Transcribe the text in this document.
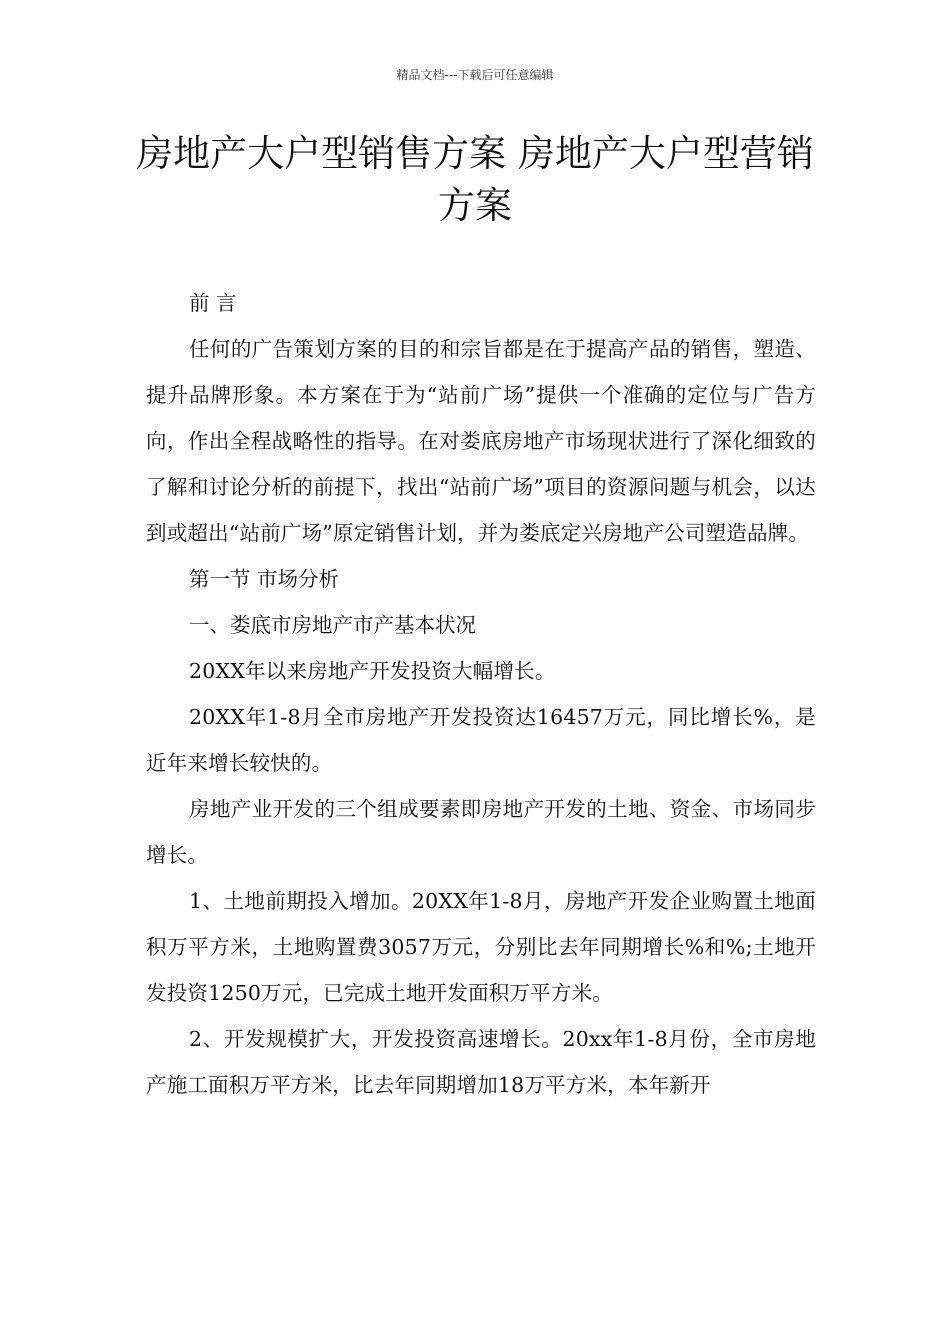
精品文档---下载后可任意编辑
房地产大户型销售方案 房地产大户型营销方案

前 言

任何的广告策划方案的目的和宗旨都是在于提高产品的销售，塑造、提升品牌形象。本方案在于为“站前广场”提供一个准确的定位与广告方向，作出全程战略性的指导。在对娄底房地产市场现状进行了深化细致的了解和讨论分析的前提下，找出“站前广场”项目的资源问题与机会，以达到或超出“站前广场”原定销售计划，并为娄底定兴房地产公司塑造品牌。

第一节 市场分析

一、娄底市房地产市产基本状况

20XX年以来房地产开发投资大幅增长。

20XX年1-8月全市房地产开发投资达16457万元，同比增长%，是近年来增长较快的。

房地产业开发的三个组成要素即房地产开发的土地、资金、市场同步增长。

1、土地前期投入增加。20XX年1-8月，房地产开发企业购置土地面积万平方米，土地购置费3057万元，分别比去年同期增长%和%;土地开发投资1250万元，已完成土地开发面积万平方米。

2、开发规模扩大，开发投资高速增长。20xx年1-8月份，全市房地产施工面积万平方米，比去年同期增加18万平方米，本年新开
